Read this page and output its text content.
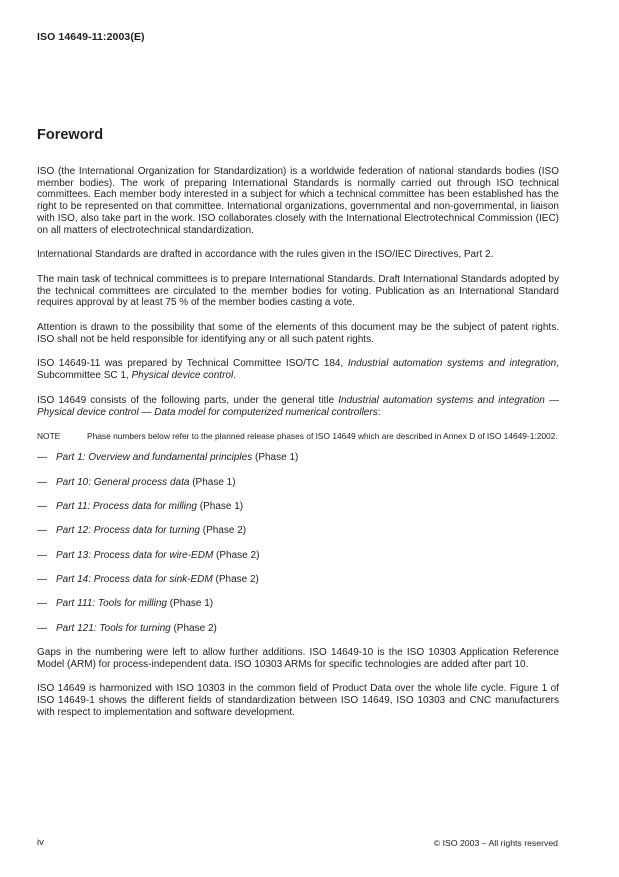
ISO 14649-11:2003(E)
Foreword

ISO (the International Organization for Standardization) is a worldwide federation of national standards bodies (ISO member bodies). The work of preparing International Standards is normally carried out through ISO technical committees. Each member body interested in a subject for which a technical committee has been established has the right to be represented on that committee. International organizations, governmental and non-governmental, in liaison with ISO, also take part in the work. ISO collaborates closely with the International Electrotechnical Commission (IEC) on all matters of electrotechnical standardization.

International Standards are drafted in accordance with the rules given in the ISO/IEC Directives, Part 2.

The main task of technical committees is to prepare International Standards. Draft International Standards adopted by the technical committees are circulated to the member bodies for voting. Publication as an International Standard requires approval by at least 75 % of the member bodies casting a vote.

Attention is drawn to the possibility that some of the elements of this document may be the subject of patent rights. ISO shall not be held responsible for identifying any or all such patent rights.

ISO 14649-11 was prepared by Technical Committee ISO/TC 184, Industrial automation systems and integration, Subcommittee SC 1, Physical device control.

ISO 14649 consists of the following parts, under the general title Industrial automation systems and integration — Physical device control — Data model for computerized numerical controllers:

NOTE	Phase numbers below refer to the planned release phases of ISO 14649 which are described in Annex D of ISO 14649-1:2002.

— Part 1: Overview and fundamental principles (Phase 1)
— Part 10: General process data (Phase 1)
— Part 11: Process data for milling (Phase 1)
— Part 12: Process data for turning (Phase 2)
— Part 13: Process data for wire-EDM (Phase 2)
— Part 14: Process data for sink-EDM (Phase 2)
— Part 111: Tools for milling (Phase 1)
— Part 121: Tools for turning (Phase 2)

Gaps in the numbering were left to allow further additions. ISO 14649-10 is the ISO 10303 Application Reference Model (ARM) for process-independent data. ISO 10303 ARMs for specific technologies are added after part 10.

ISO 14649 is harmonized with ISO 10303 in the common field of Product Data over the whole life cycle. Figure 1 of ISO 14649-1 shows the different fields of standardization between ISO 14649, ISO 10303 and CNC manufacturers with respect to implementation and software development.

iv	© ISO 2003 – All rights reserved
